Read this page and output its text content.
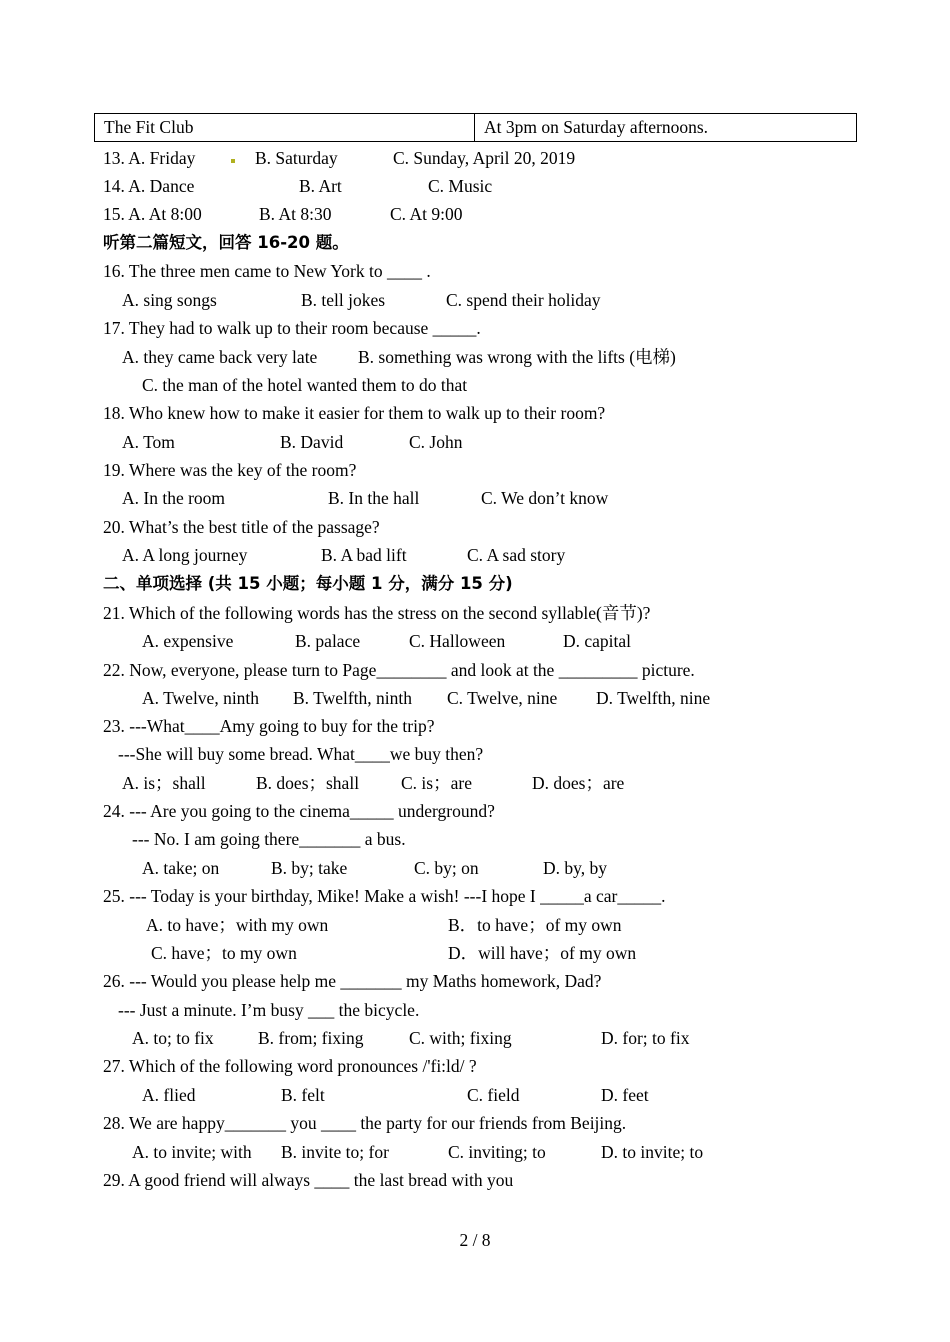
The Fit Club	At 3pm on Saturday afternoons.
13. A. Friday	B. Saturday	C. Sunday, April 20, 2019
14. A. Dance	B. Art	C. Music
15. A. At 8:00	B. At 8:30	C. At 9:00
听第二篇短文，回答 16-20 题。
16. The three men came to New York to ____ .
A. sing songs	B. tell jokes	C. spend their holiday
17. They had to walk up to their room because _____.
A. they came back very late B. something was wrong with the lifts (电梯)
C. the man of the hotel wanted them to do that
18. Who knew how to make it easier for them to walk up to their room?
A. Tom	B. David	C. John
19. Where was the key of the room?
A. In the room	B. In the hall	C. We don’t know
20. What’s the best title of the passage?
A. A long journey	B. A bad lift	C. A sad story
二、单项选择 (共 15 小题；每小题 1 分，满分 15 分)
21. Which of the following words has the stress on the second syllable(音节)?
A. expensive	B. palace	C. Halloween	D. capital
22. Now, everyone, please turn to Page________ and look at the _________ picture.
A. Twelve, ninth B. Twelfth, ninth C. Twelve, nine D. Twelfth, nine
23. ---What____Amy going to buy for the trip?
---She will buy some bread. What____we buy then?
A. is；shall	B. does；shall C. is；are	D. does；are
24. --- Are you going to the cinema_____ underground?
--- No. I am going there_______ a bus.
A. take; on	B. by; take	C. by; on	D. by, by
25. --- Today is your birthday, Mike! Make a wish! ---I hope I _____a car_____.
A. to have；with my own	B．to have；of my own
C. have；to my own	D．will have；of my own
26. --- Would you please help me _______ my Maths homework, Dad?
--- Just a minute. I’m busy ___ the bicycle.
A. to; to fix	B. from; fixing	C. with; fixing	D. for; to fix
27. Which of the following word pronounces /'fi:ld/ ?
A. flied	B. felt	C. field	D. feet
28. We are happy_______ you ____ the party for our friends from Beijing.
A. to invite; with B. invite to; for	C. inviting; to	D. to invite; to
29. A good friend will always ____ the last bread with you
2 / 8
